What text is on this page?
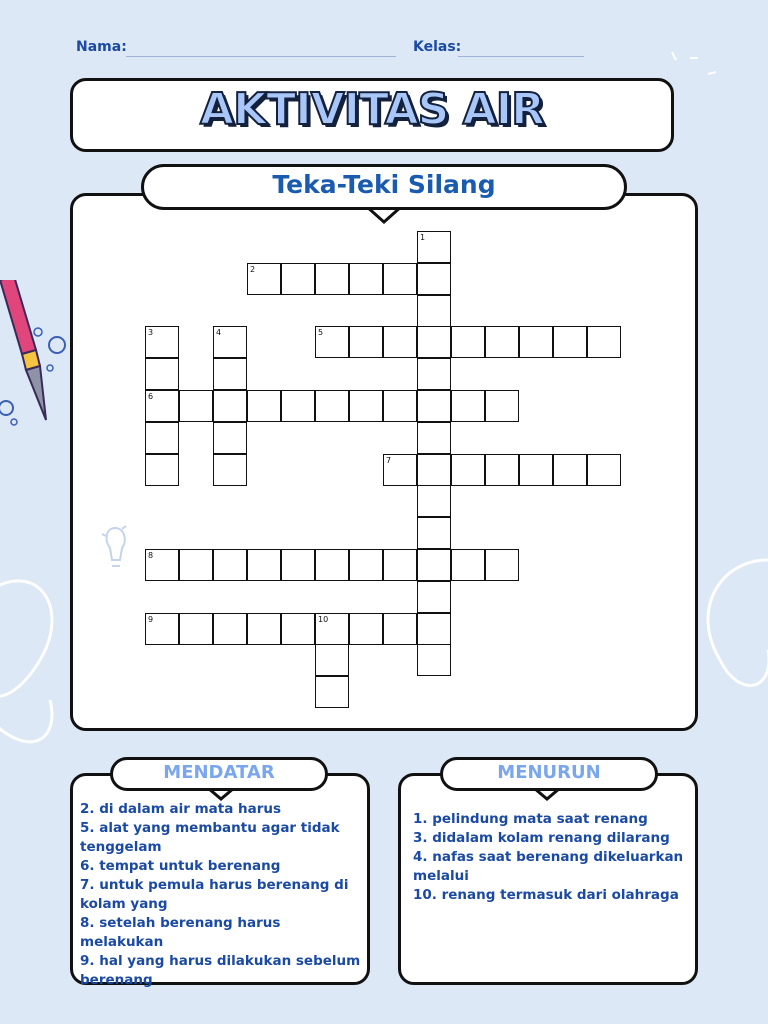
Nama:	Kelas:
AKTIVITAS AIR
Teka-Teki Silang
1
2
3	4	5
6
7
8
9	10
MENDATAR
2. di dalam air mata harus
5. alat yang membantu agar tidak tenggelam
6. tempat untuk berenang
7. untuk pemula harus berenang di kolam yang
8. setelah berenang harus melakukan
9. hal yang harus dilakukan sebelum berenang
MENURUN
1. pelindung mata saat renang
3. didalam kolam renang dilarang
4. nafas saat berenang dikeluarkan melalui
10. renang termasuk dari olahraga
